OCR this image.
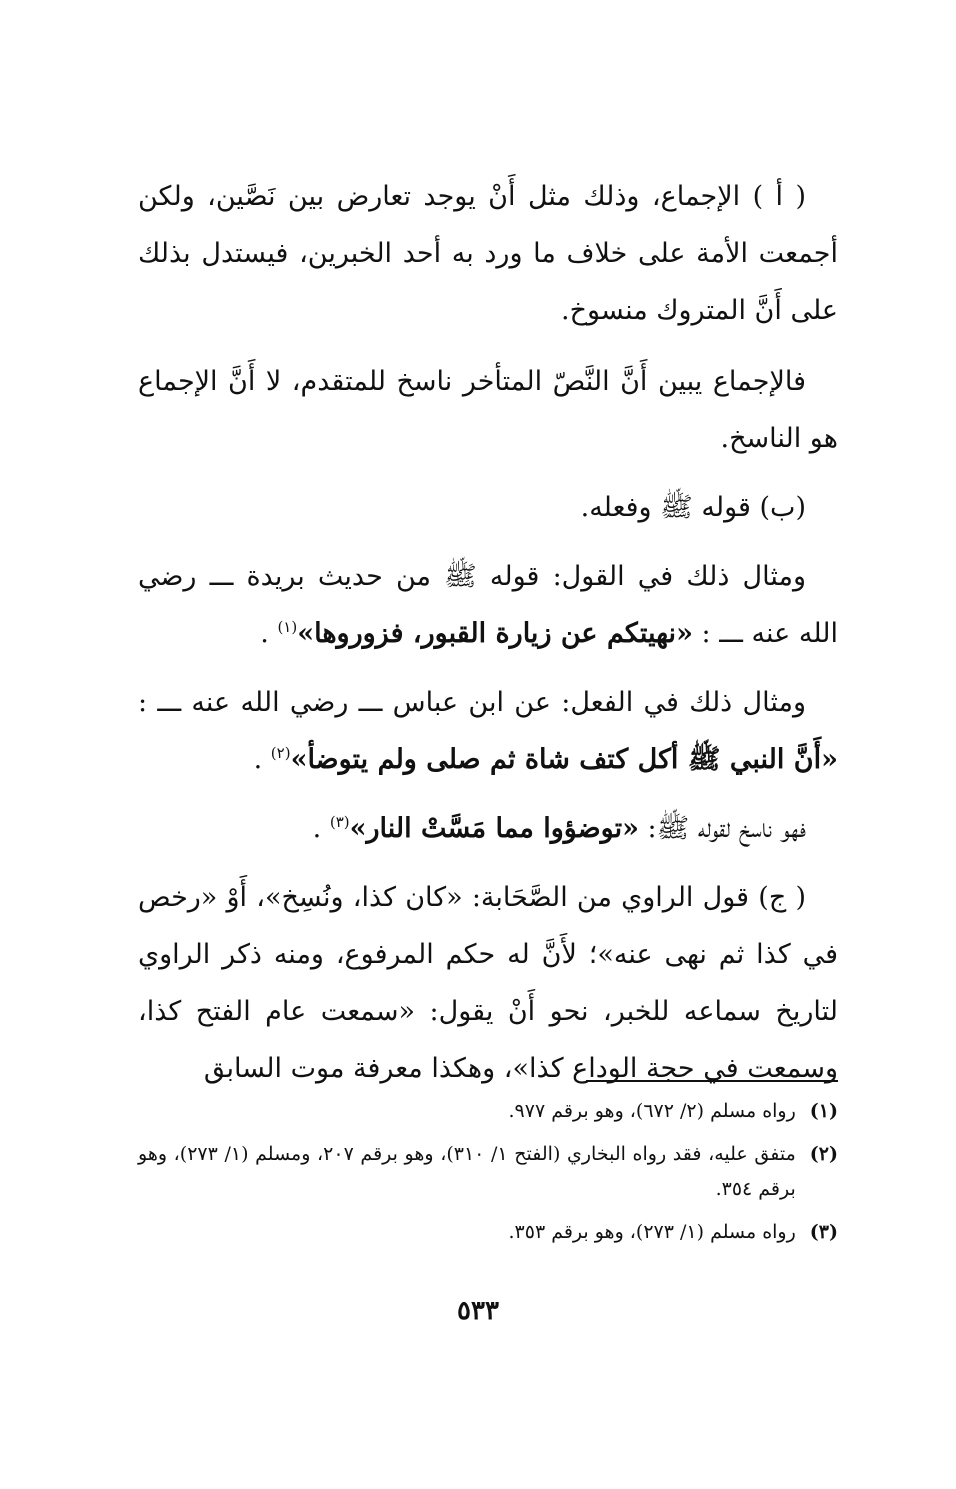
( أ ) الإجماع، وذلك مثل أَنْ يوجد تعارض بين نَصَّين، ولكن أجمعت الأمة على خلاف ما ورد به أحد الخبرين، فيستدل بذلك على أَنَّ المتروك منسوخ.

فالإجماع يبين أَنَّ النَّصّ المتأخر ناسخ للمتقدم، لا أَنَّ الإجماع هو الناسخ.

(ب) قوله ﷺ وفعله.

ومثال ذلك في القول: قوله ﷺ من حديث بريدة ـــ رضي الله عنه ـــ : «نهيتكم عن زيارة القبور، فزوروها»$^{(١)}$ .

ومثال ذلك في الفعل: عن ابن عباس ـــ رضي الله عنه ـــ : «أَنَّ النبي ﷺ أكل كتف شاة ثم صلى ولم يتوضأ»$^{(٢)}$ .

فهو ناسخ لقوله ﷺ: «توضؤوا مما مَسَّتْ النار»$^{(٣)}$ .

( ج) قول الراوي من الصَّحَابة: «كان كذا، ونُسِخ»، أَوْ «رخص في كذا ثم نهى عنه»؛ لأَنَّ له حكم المرفوع، ومنه ذكر الراوي لتاريخ سماعه للخبر، نحو أَنْ يقول: «سمعت عام الفتح كذا، وسمعت في حجة الوداع كذا»، وهكذا معرفة موت السابق

(١)
رواه مسلم (٢/ ٦٧٢)، وهو برقم ٩٧٧.
(٢)
متفق عليه، فقد رواه البخاري (الفتح ١/ ٣١٠)، وهو برقم ٢٠٧، ومسلم (١/ ٢٧٣)، وهو برقم ٣٥٤.
(٣)
رواه مسلم (١/ ٢٧٣)، وهو برقم ٣٥٣.
٥٣٣
